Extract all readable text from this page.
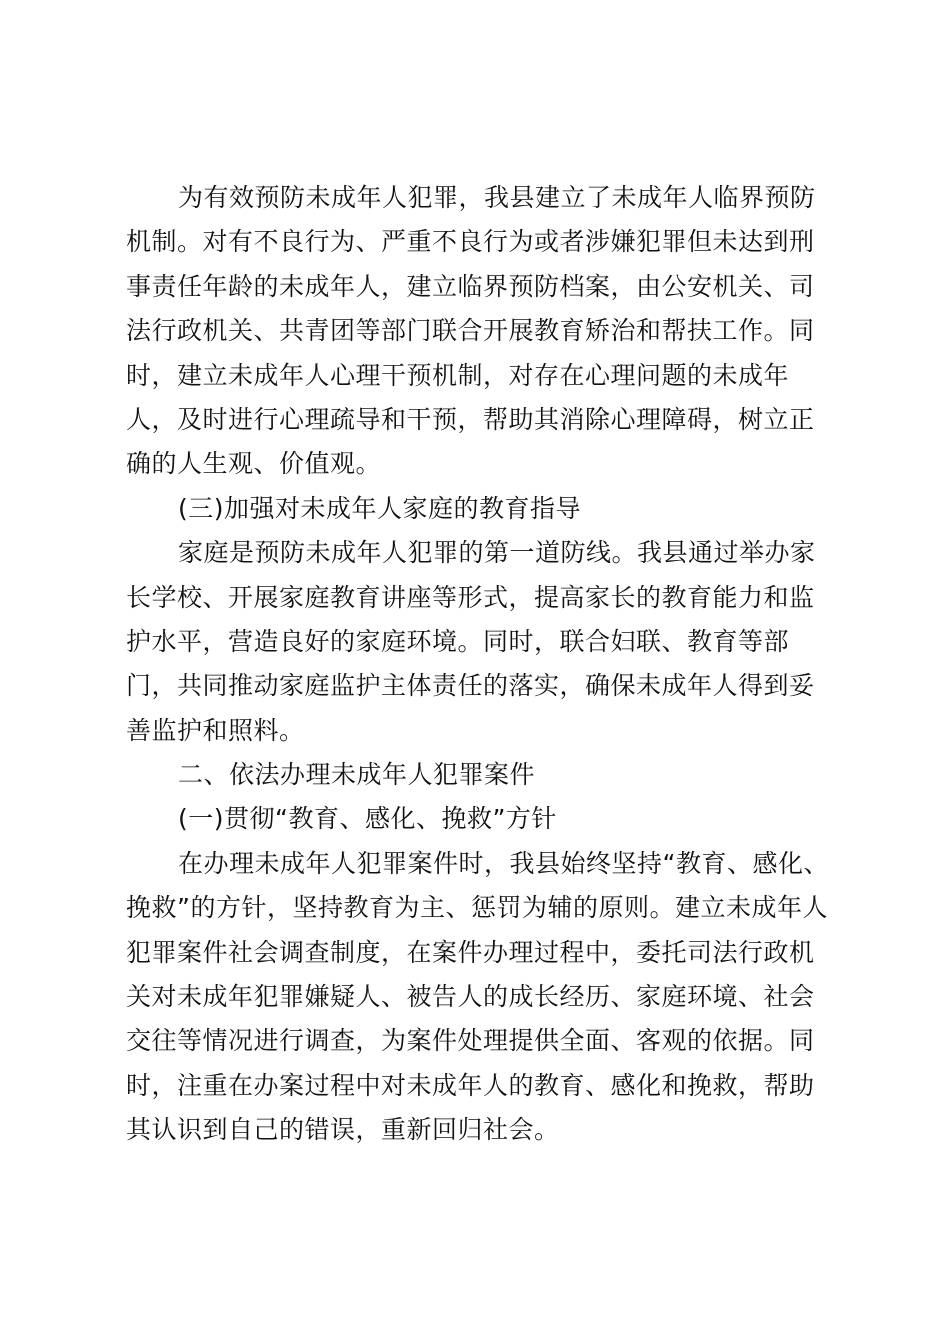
为有效预防未成年人犯罪，我县建立了未成年人临界预防
机制。对有不良行为、严重不良行为或者涉嫌犯罪但未达到刑
事责任年龄的未成年人，建立临界预防档案，由公安机关、司
法行政机关、共青团等部门联合开展教育矫治和帮扶工作。同
时，建立未成年人心理干预机制，对存在心理问题的未成年
人，及时进行心理疏导和干预，帮助其消除心理障碍，树立正
确的人生观、价值观。
(三)加强对未成年人家庭的教育指导
家庭是预防未成年人犯罪的第一道防线。我县通过举办家
长学校、开展家庭教育讲座等形式，提高家长的教育能力和监
护水平，营造良好的家庭环境。同时，联合妇联、教育等部
门，共同推动家庭监护主体责任的落实，确保未成年人得到妥
善监护和照料。
二、依法办理未成年人犯罪案件
(一)贯彻“教育、感化、挽救”方针
在办理未成年人犯罪案件时，我县始终坚持“教育、感化、
挽救”的方针，坚持教育为主、惩罚为辅的原则。建立未成年人
犯罪案件社会调查制度，在案件办理过程中，委托司法行政机
关对未成年犯罪嫌疑人、被告人的成长经历、家庭环境、社会
交往等情况进行调查，为案件处理提供全面、客观的依据。同
时，注重在办案过程中对未成年人的教育、感化和挽救，帮助
其认识到自己的错误，重新回归社会。
